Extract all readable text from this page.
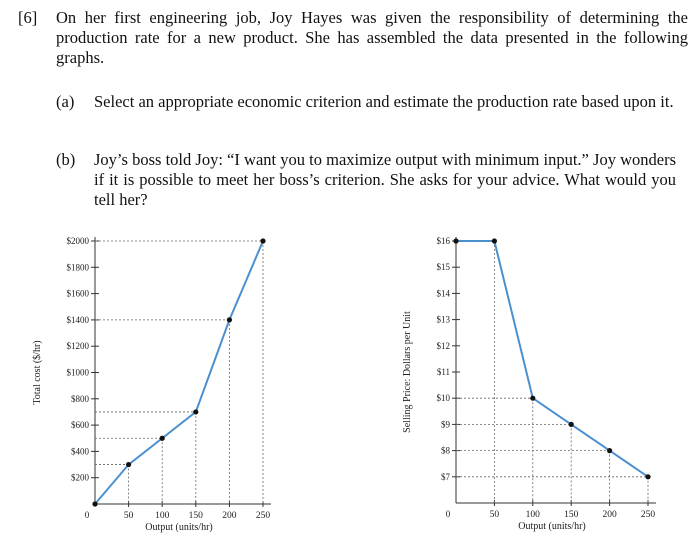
[6] On her first engineering job, Joy Hayes was given the responsibility of determining the production rate for a new product. She has assembled the data presented in the following graphs.
(a) Select an appropriate economic criterion and estimate the production rate based upon it.
(b) Joy’s boss told Joy: “I want you to maximize output with minimum input.” Joy wonders if it is possible to meet her boss’s criterion. She asks for your advice. What would you tell her?
$200
$400
$600
$800
$1000
$1200
$1400
$1600
$1800
$2000
50 100 150 200 250
0
Output (units/hr)
Total cost ($/hr)
$7
$8
$9
$10
$11
$12
$13
$14
$15
$16
50	100	150	200	250
0
Output (units/hr)
Selling Price: Dollars per Unit
